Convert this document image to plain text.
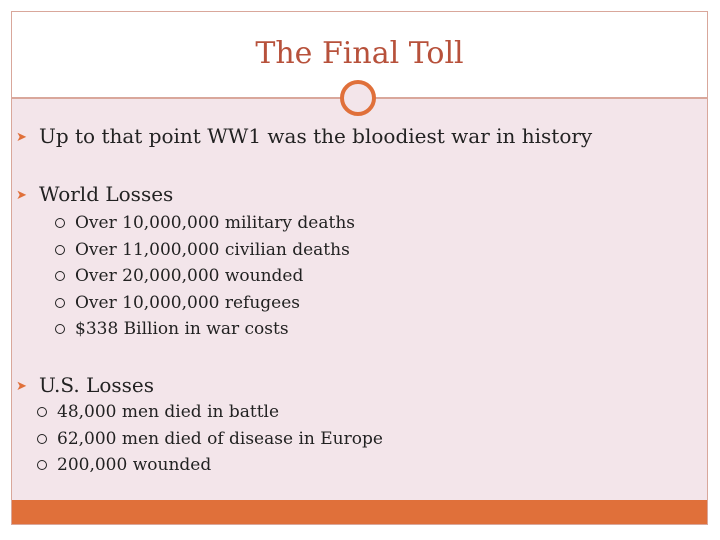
The Final Toll
➤ Up to that point WW1 was the bloodiest war in history
➤ World Losses
Over 10,000,000 military deaths
Over 11,000,000 civilian deaths
Over 20,000,000 wounded
Over 10,000,000 refugees
$338 Billion in war costs
➤ U.S. Losses
48,000 men died in battle
62,000 men died of disease in Europe
200,000 wounded
